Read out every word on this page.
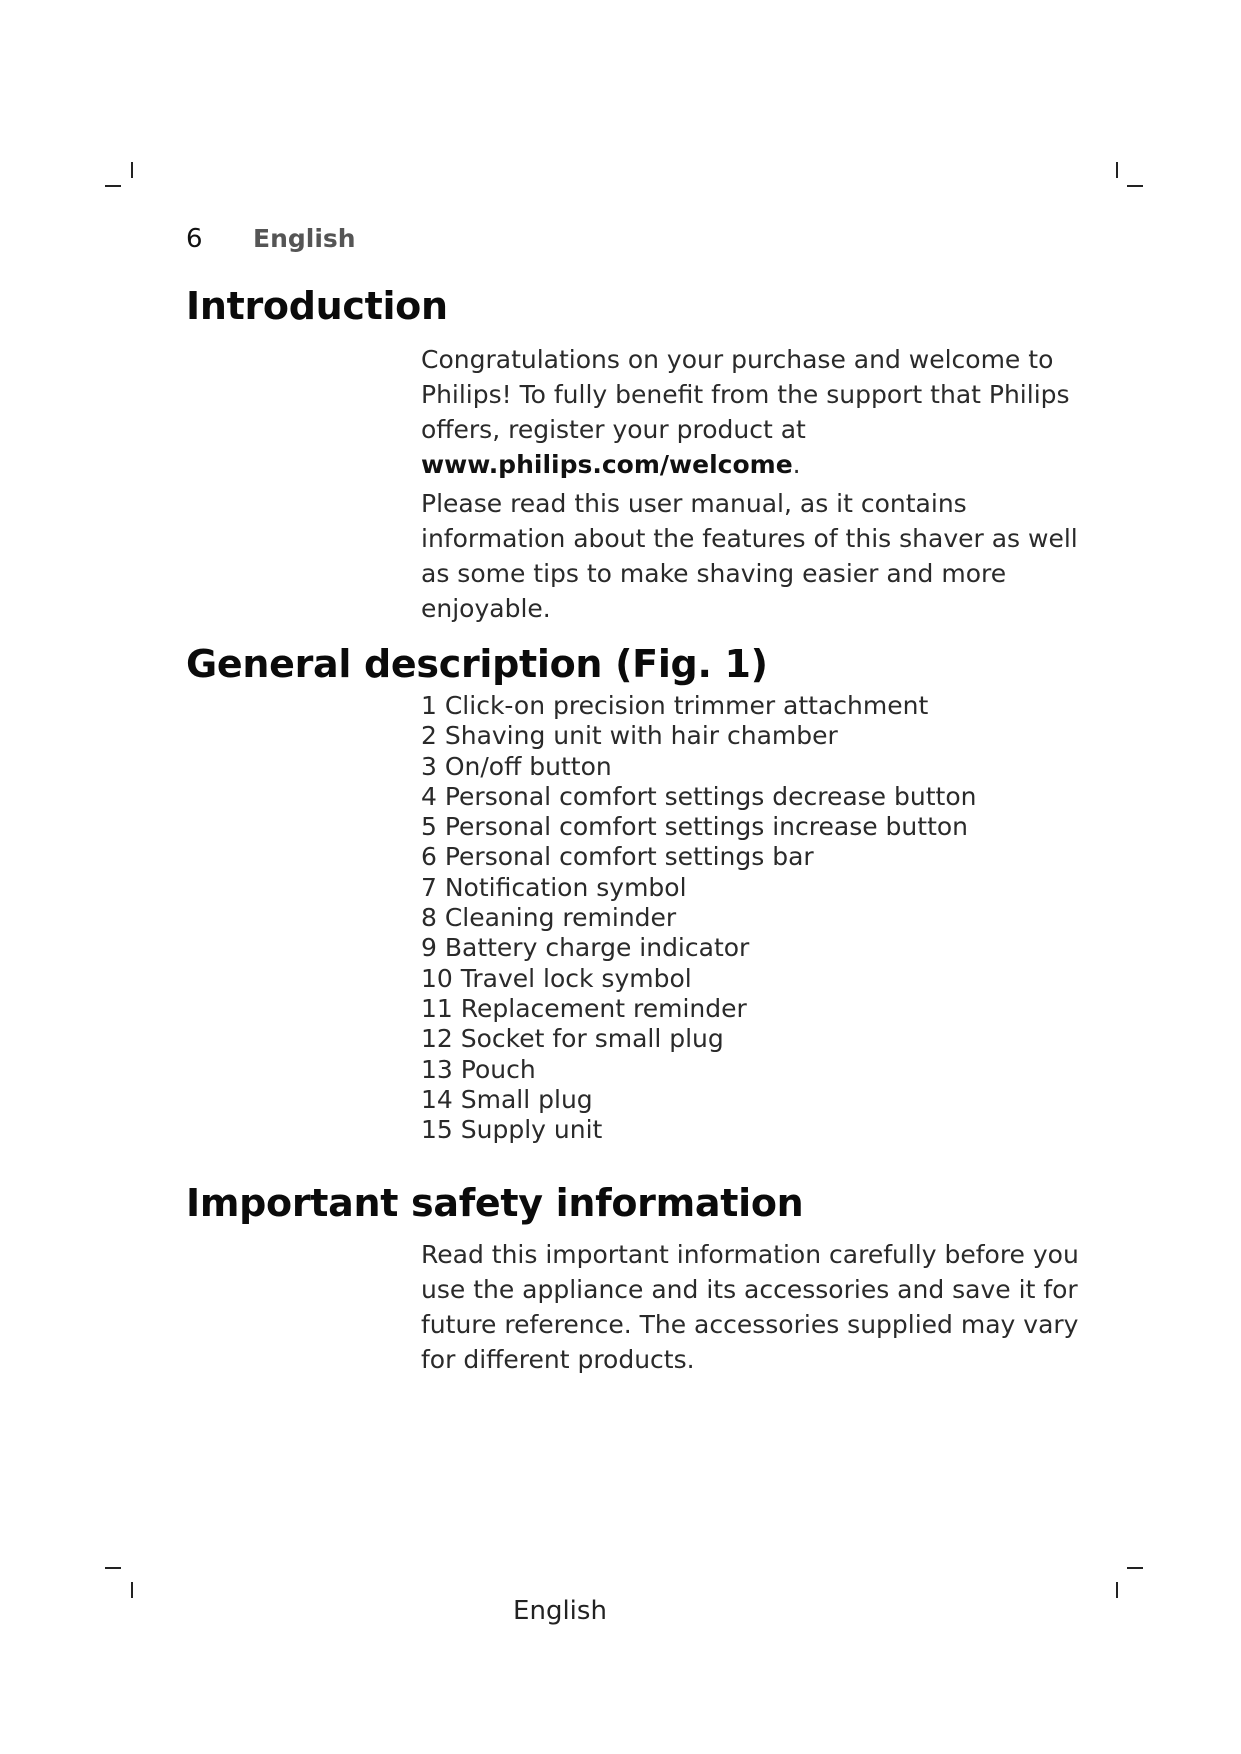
6	English
Introduction

Congratulations on your purchase and welcome to Philips! To fully benefit from the support that Philips offers, register your product at www.philips.com/welcome.

Please read this user manual, as it contains information about the features of this shaver as well as some tips to make shaving easier and more enjoyable.

General description (Fig. 1)
1 Click-on precision trimmer attachment
2 Shaving unit with hair chamber
3 On/off button
4 Personal comfort settings decrease button
5 Personal comfort settings increase button
6 Personal comfort settings bar
7 Notification symbol
8 Cleaning reminder
9 Battery charge indicator
10 Travel lock symbol
11 Replacement reminder
12 Socket for small plug
13 Pouch
14 Small plug
15 Supply unit
Important safety information

Read this important information carefully before you use the appliance and its accessories and save it for future reference. The accessories supplied may vary for different products.

English
